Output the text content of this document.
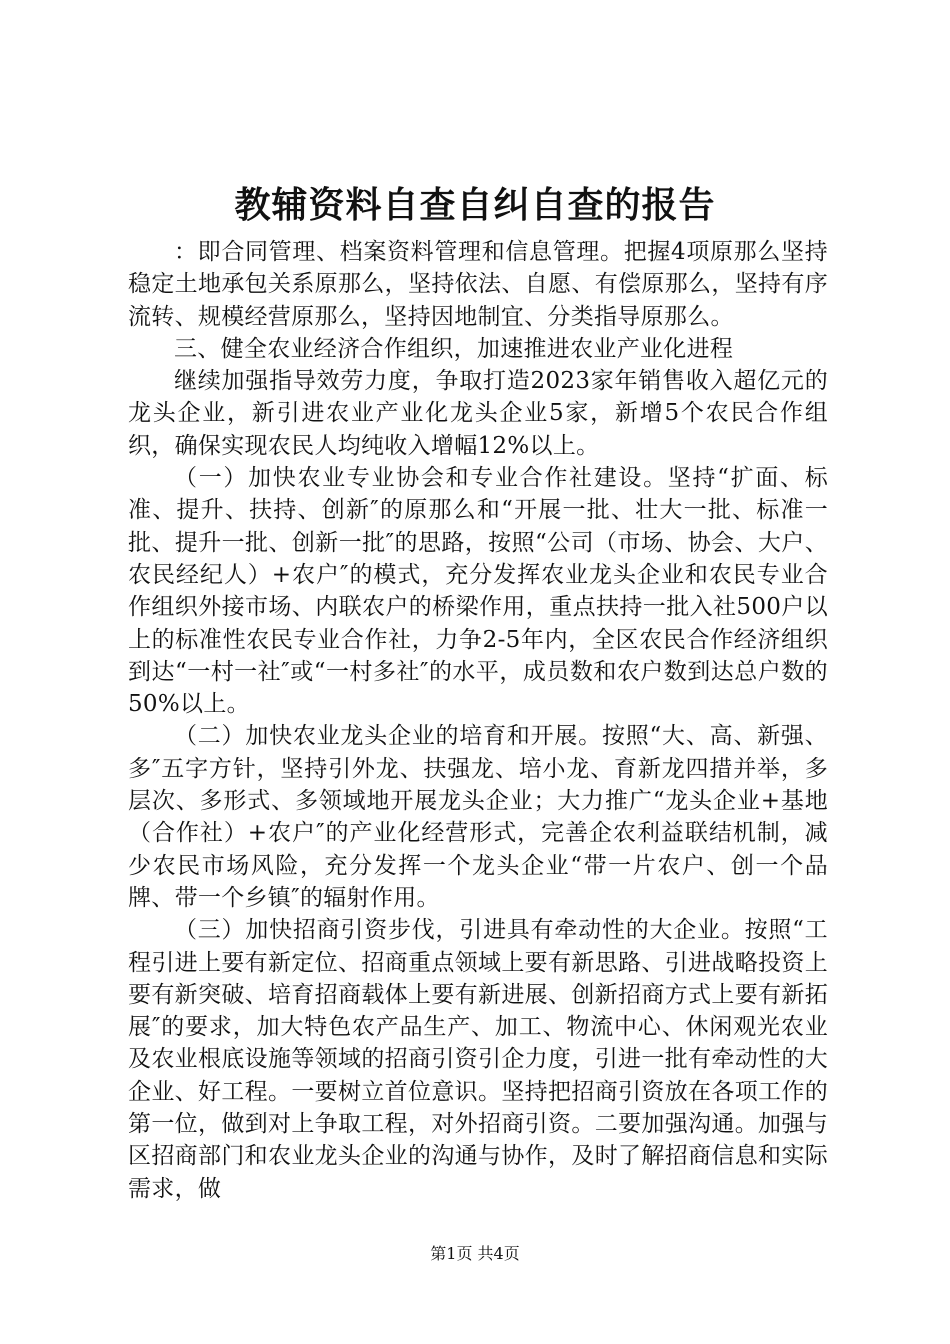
教辅资料自查自纠自查的报告

：即合同管理、档案资料管理和信息管理。把握4项原那么坚持稳定土地承包关系原那么，坚持依法、自愿、有偿原那么，坚持有序流转、规模经营原那么，坚持因地制宜、分类指导原那么。

三、健全农业经济合作组织，加速推进农业产业化进程

继续加强指导效劳力度，争取打造2023家年销售收入超亿元的龙头企业，新引进农业产业化龙头企业5家，新增5个农民合作组织，确保实现农民人均纯收入增幅12%以上。

（一）加快农业专业协会和专业合作社建设。坚持“扩面、标准、提升、扶持、创新″的原那么和“开展一批、壮大一批、标准一批、提升一批、创新一批″的思路，按照“公司（市场、协会、大户、农民经纪人）+农户″的模式，充分发挥农业龙头企业和农民专业合作组织外接市场、内联农户的桥梁作用，重点扶持一批入社500户以上的标准性农民专业合作社，力争2-5年内，全区农民合作经济组织到达“一村一社″或“一村多社″的水平，成员数和农户数到达总户数的50%以上。

（二）加快农业龙头企业的培育和开展。按照“大、高、新强、多″五字方针，坚持引外龙、扶强龙、培小龙、育新龙四措并举，多层次、多形式、多领域地开展龙头企业；大力推广“龙头企业+基地（合作社）+农户″的产业化经营形式，完善企农利益联结机制，减少农民市场风险，充分发挥一个龙头企业“带一片农户、创一个品牌、带一个乡镇″的辐射作用。

（三）加快招商引资步伐，引进具有牵动性的大企业。按照“工程引进上要有新定位、招商重点领域上要有新思路、引进战略投资上要有新突破、培育招商载体上要有新进展、创新招商方式上要有新拓展″的要求，加大特色农产品生产、加工、物流中心、休闲观光农业及农业根底设施等领域的招商引资引企力度，引进一批有牵动性的大企业、好工程。一要树立首位意识。坚持把招商引资放在各项工作的第一位，做到对上争取工程，对外招商引资。二要加强沟通。加强与区招商部门和农业龙头企业的沟通与协作，及时了解招商信息和实际需求，做

第1页 共4页
